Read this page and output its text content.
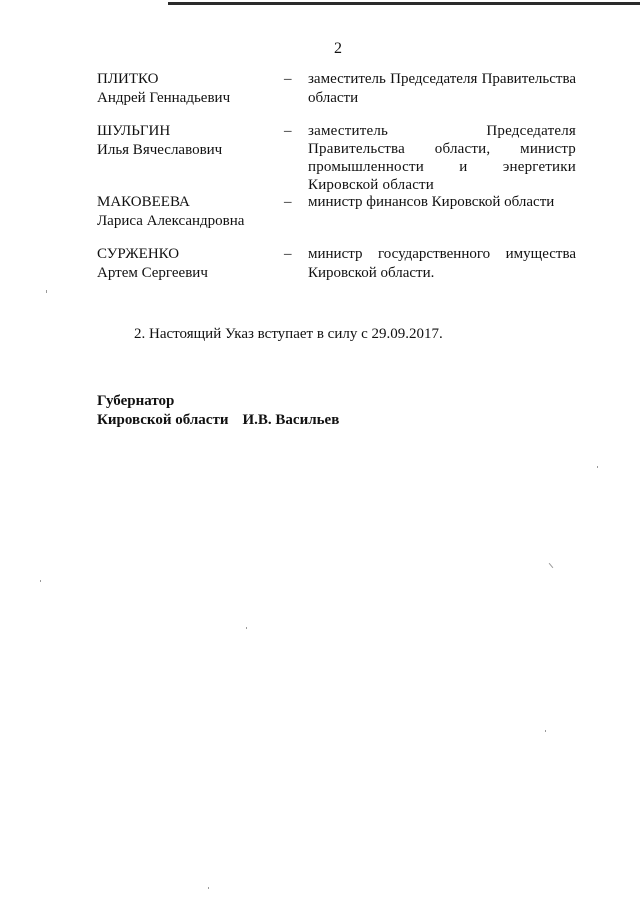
2
ПЛИТКО
Андрей Геннадьевич
– заместитель Председателя Правительства области
ШУЛЬГИН
Илья Вячеславович
– заместитель Председателя Правительства области, министр промышленности и энергетики Кировской области
МАКОВЕЕВА
Лариса Александровна
– министр финансов Кировской области
СУРЖЕНКО
Артем Сергеевич
– министр государственного имущества Кировской области.
2. Настоящий Указ вступает в силу с 29.09.2017.
Губернатор
Кировской области И.В. Васильев
